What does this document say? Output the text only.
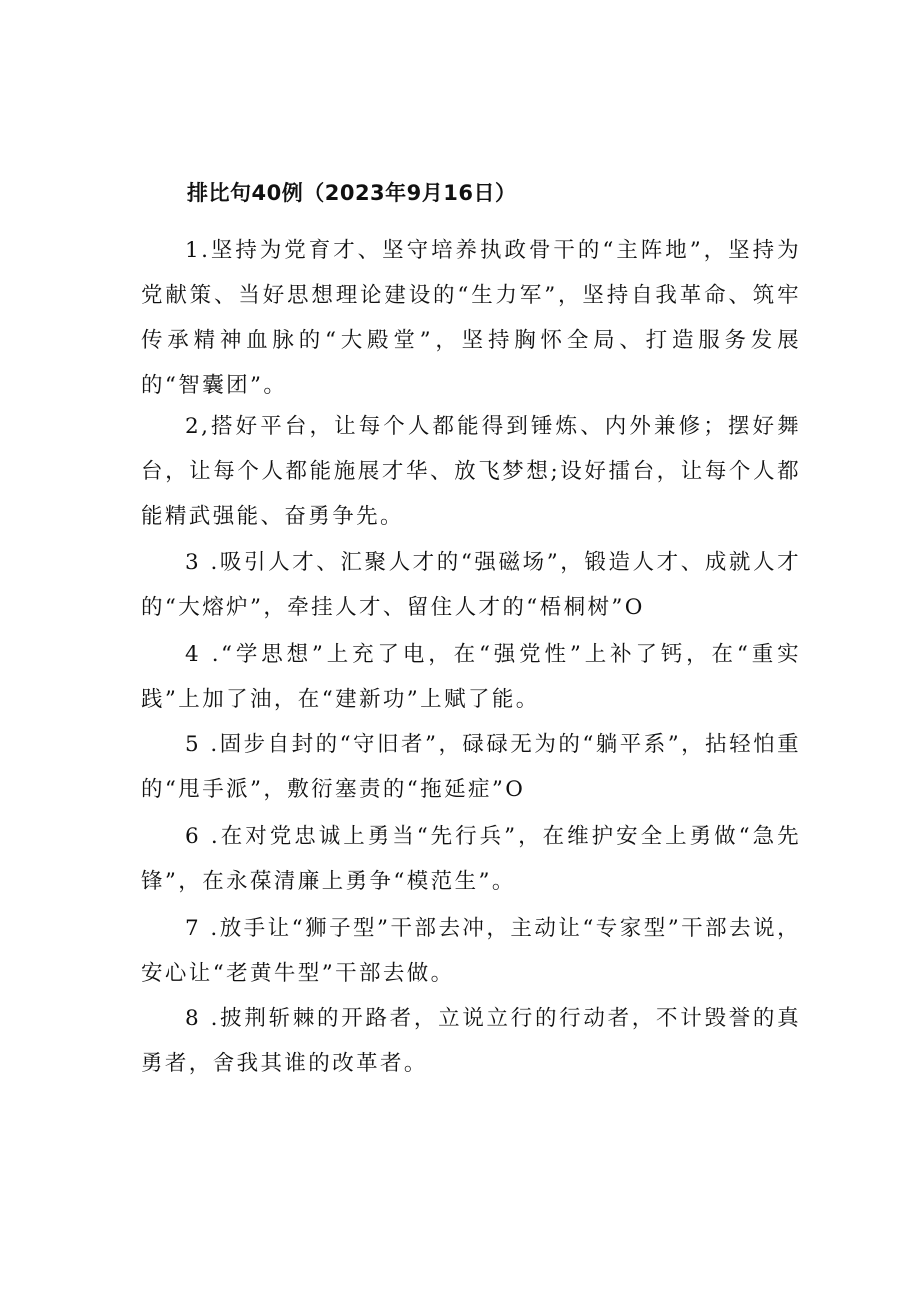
排比句40例（2023年9月16日）

1.坚持为党育才、坚守培养执政骨干的“主阵地”，坚持为党献策、当好思想理论建设的“生力军”，坚持自我革命、筑牢传承精神血脉的“大殿堂”，坚持胸怀全局、打造服务发展的“智囊团”。

2,搭好平台，让每个人都能得到锤炼、内外兼修；摆好舞台，让每个人都能施展才华、放飞梦想;设好擂台，让每个人都能精武强能、奋勇争先。

3 .吸引人才、汇聚人才的“强磁场”，锻造人才、成就人才的“大熔炉”，牵挂人才、留住人才的“梧桐树”O

4 .“学思想”上充了电，在“强党性”上补了钙，在“重实践”上加了油，在“建新功”上赋了能。

5 .固步自封的“守旧者”，碌碌无为的“躺平系”，拈轻怕重的“甩手派”，敷衍塞责的“拖延症”O

6 .在对党忠诚上勇当“先行兵”，在维护安全上勇做“急先锋”，在永葆清廉上勇争“模范生”。

7 .放手让“狮子型”干部去冲，主动让“专家型”干部去说，安心让“老黄牛型”干部去做。

8 .披荆斩棘的开路者，立说立行的行动者，不计毁誉的真勇者，舍我其谁的改革者。
